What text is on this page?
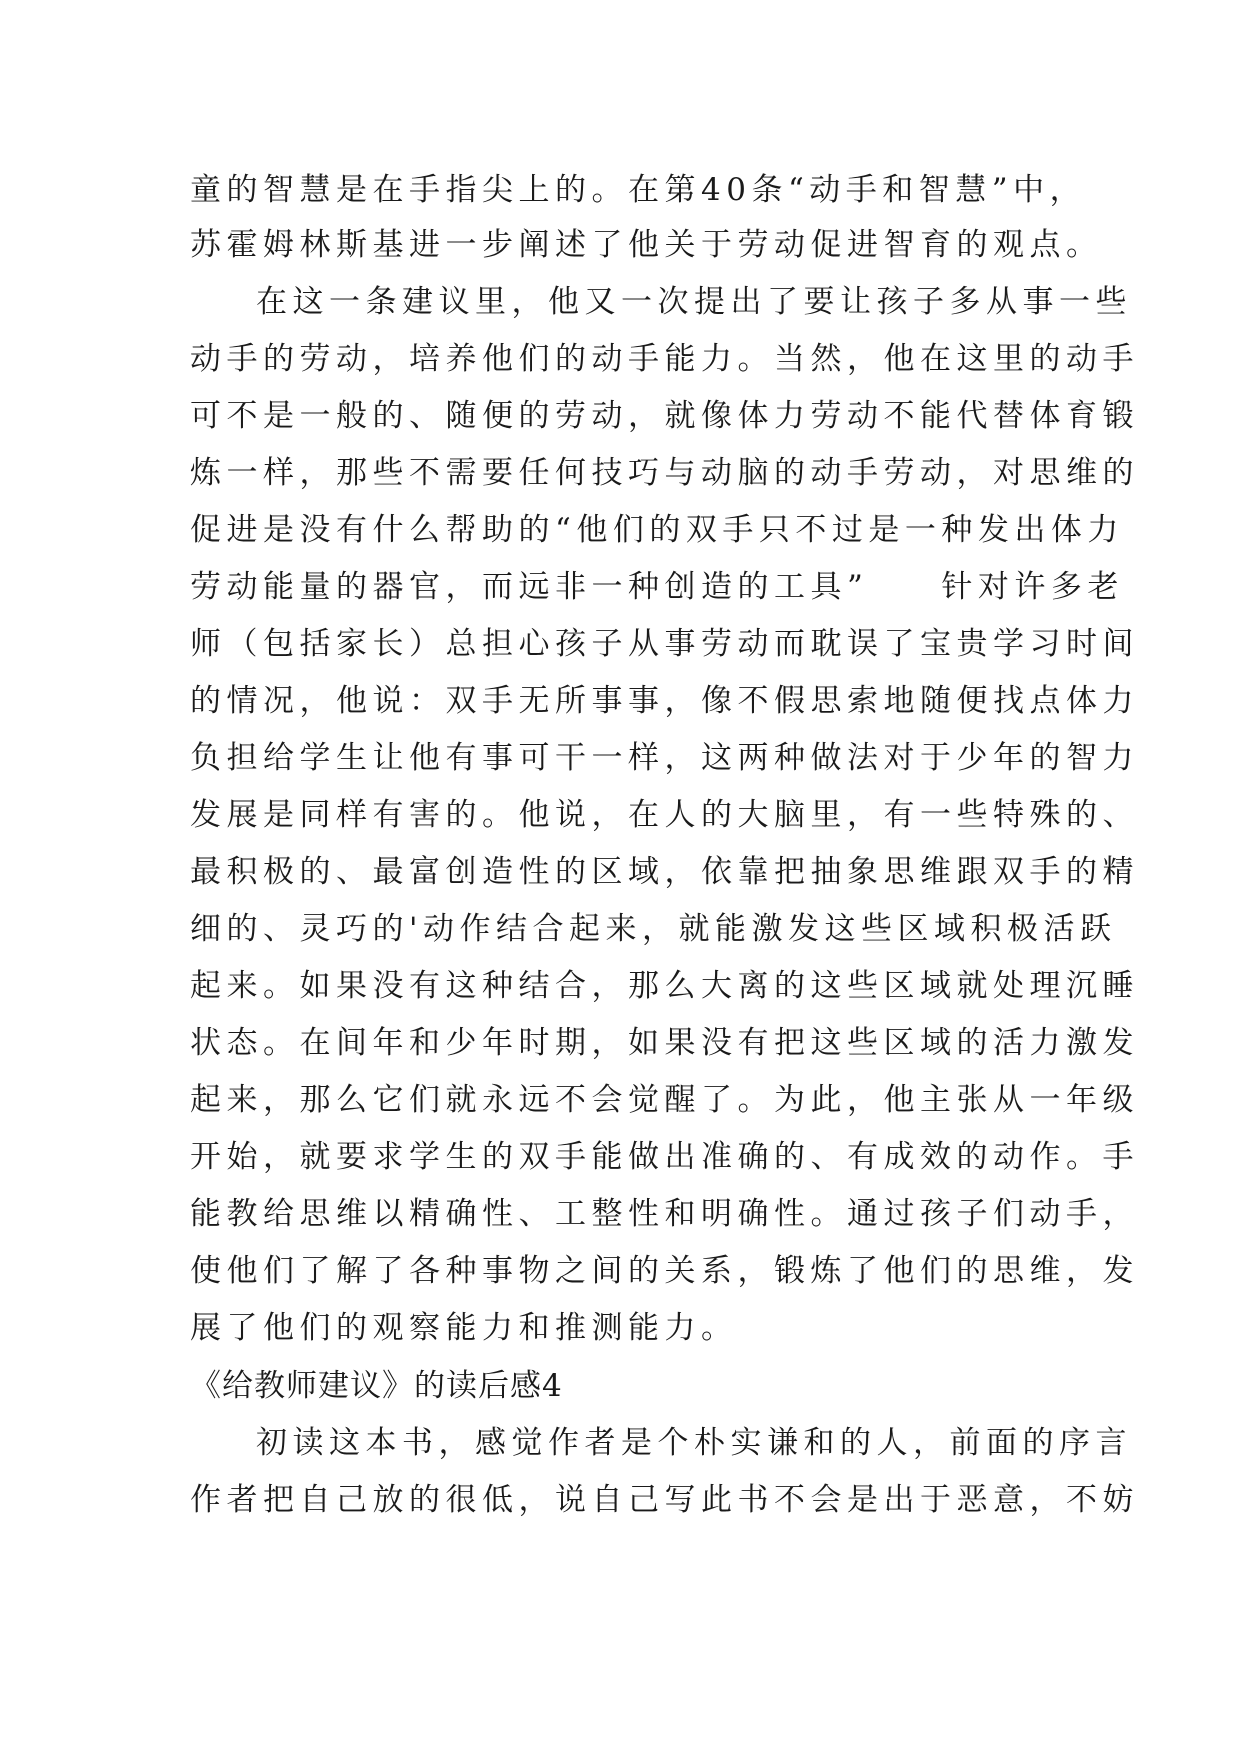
童的智慧是在手指尖上的。在第40条“动手和智慧”中，
苏霍姆林斯基进一步阐述了他关于劳动促进智育的观点。
在这一条建议里，他又一次提出了要让孩子多从事一些
动手的劳动，培养他们的动手能力。当然，他在这里的动手
可不是一般的、随便的劳动，就像体力劳动不能代替体育锻
炼一样，那些不需要任何技巧与动脑的动手劳动，对思维的
促进是没有什么帮助的“他们的双手只不过是一种发出体力
劳动能量的器官，而远非一种创造的工具”　　针对许多老
师（包括家长）总担心孩子从事劳动而耽误了宝贵学习时间
的情况，他说：双手无所事事，像不假思索地随便找点体力
负担给学生让他有事可干一样，这两种做法对于少年的智力
发展是同样有害的。他说，在人的大脑里，有一些特殊的、
最积极的、最富创造性的区域，依靠把抽象思维跟双手的精
细的、灵巧的'动作结合起来，就能激发这些区域积极活跃
起来。如果没有这种结合，那么大离的这些区域就处理沉睡
状态。在间年和少年时期，如果没有把这些区域的活力激发
起来，那么它们就永远不会觉醒了。为此，他主张从一年级
开始，就要求学生的双手能做出准确的、有成效的动作。手
能教给思维以精确性、工整性和明确性。通过孩子们动手，
使他们了解了各种事物之间的关系，锻炼了他们的思维，发
展了他们的观察能力和推测能力。
《给教师建议》的读后感4
初读这本书，感觉作者是个朴实谦和的人，前面的序言
作者把自己放的很低，说自己写此书不会是出于恶意，不妨
